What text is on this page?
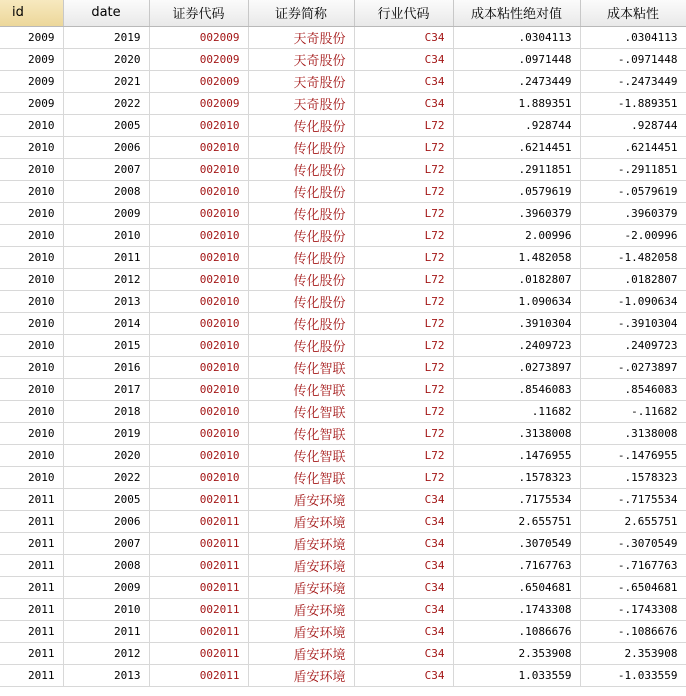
id	date	证券代码	证券简称	行业代码	成本粘性绝对值	成本粘性
2009	2019	002009	天奇股份	C34	.0304113	.0304113
2009	2020	002009	天奇股份	C34	.0971448	-.0971448
2009	2021	002009	天奇股份	C34	.2473449	-.2473449
2009	2022	002009	天奇股份	C34	1.889351	-1.889351
2010	2005	002010	传化股份	L72	.928744	.928744
2010	2006	002010	传化股份	L72	.6214451	.6214451
2010	2007	002010	传化股份	L72	.2911851	-.2911851
2010	2008	002010	传化股份	L72	.0579619	-.0579619
2010	2009	002010	传化股份	L72	.3960379	.3960379
2010	2010	002010	传化股份	L72	2.00996	-2.00996
2010	2011	002010	传化股份	L72	1.482058	-1.482058
2010	2012	002010	传化股份	L72	.0182807	.0182807
2010	2013	002010	传化股份	L72	1.090634	-1.090634
2010	2014	002010	传化股份	L72	.3910304	-.3910304
2010	2015	002010	传化股份	L72	.2409723	.2409723
2010	2016	002010	传化智联	L72	.0273897	-.0273897
2010	2017	002010	传化智联	L72	.8546083	.8546083
2010	2018	002010	传化智联	L72	.11682	-.11682
2010	2019	002010	传化智联	L72	.3138008	.3138008
2010	2020	002010	传化智联	L72	.1476955	-.1476955
2010	2022	002010	传化智联	L72	.1578323	.1578323
2011	2005	002011	盾安环境	C34	.7175534	-.7175534
2011	2006	002011	盾安环境	C34	2.655751	2.655751
2011	2007	002011	盾安环境	C34	.3070549	-.3070549
2011	2008	002011	盾安环境	C34	.7167763	-.7167763
2011	2009	002011	盾安环境	C34	.6504681	-.6504681
2011	2010	002011	盾安环境	C34	.1743308	-.1743308
2011	2011	002011	盾安环境	C34	.1086676	-.1086676
2011	2012	002011	盾安环境	C34	2.353908	2.353908
2011	2013	002011	盾安环境	C34	1.033559	-1.033559
